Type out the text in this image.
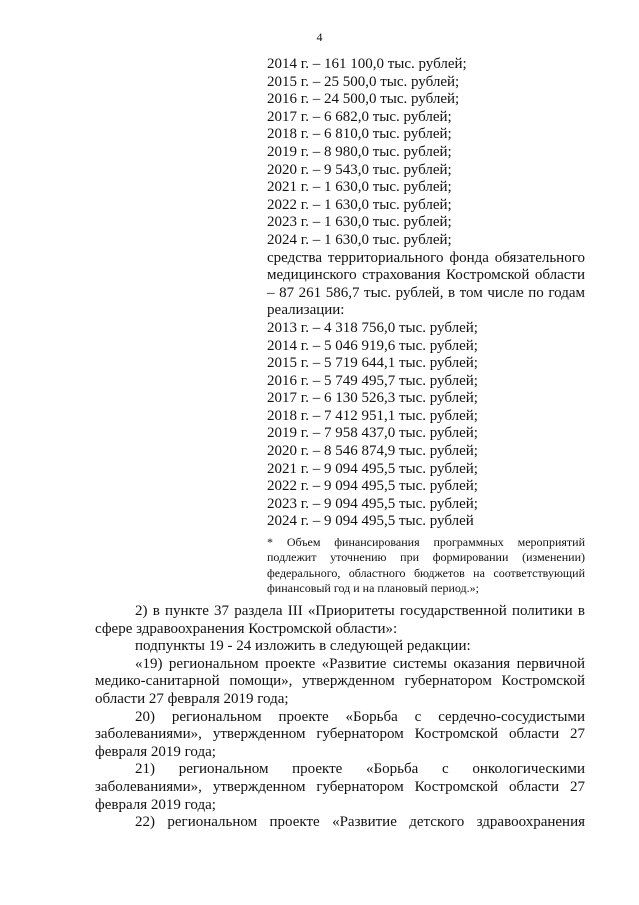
4
2014 г. – 161 100,0 тыс. рублей;
2015 г. – 25 500,0 тыс. рублей;
2016 г. – 24 500,0 тыс. рублей;
2017 г. – 6 682,0 тыс. рублей;
2018 г. – 6 810,0 тыс. рублей;
2019 г. – 8 980,0 тыс. рублей;
2020 г. – 9 543,0 тыс. рублей;
2021 г. – 1 630,0 тыс. рублей;
2022 г. – 1 630,0 тыс. рублей;
2023 г. – 1 630,0 тыс. рублей;
2024 г. – 1 630,0 тыс. рублей;
средства территориального фонда обязательного медицинского страхования Костромской области – 87 261 586,7 тыс. рублей, в том числе по годам реализации:
2013 г. – 4 318 756,0 тыс. рублей;
2014 г. – 5 046 919,6 тыс. рублей;
2015 г. – 5 719 644,1 тыс. рублей;
2016 г. – 5 749 495,7 тыс. рублей;
2017 г. – 6 130 526,3 тыс. рублей;
2018 г. – 7 412 951,1 тыс. рублей;
2019 г. – 7 958 437,0 тыс. рублей;
2020 г. – 8 546 874,9 тыс. рублей;
2021 г. – 9 094 495,5 тыс. рублей;
2022 г. – 9 094 495,5 тыс. рублей;
2023 г. – 9 094 495,5 тыс. рублей;
2024 г. – 9 094 495,5 тыс. рублей
* Объем финансирования программных мероприятий подлежит уточнению при формировании (изменении) федерального, областного бюджетов на соответствующий финансовый год и на плановый период.»;
2) в пункте 37 раздела III «Приоритеты государственной политики в сфере здравоохранения Костромской области»:
подпункты 19 - 24 изложить в следующей редакции:
«19) региональном проекте «Развитие системы оказания первичной медико-санитарной помощи», утвержденном губернатором Костромской области 27 февраля 2019 года;
20) региональном проекте «Борьба с сердечно-сосудистыми заболеваниями», утвержденном губернатором Костромской области 27 февраля 2019 года;
21) региональном проекте «Борьба с онкологическими заболеваниями», утвержденном губернатором Костромской области 27 февраля 2019 года;
22) региональном проекте «Развитие детского здравоохранения
